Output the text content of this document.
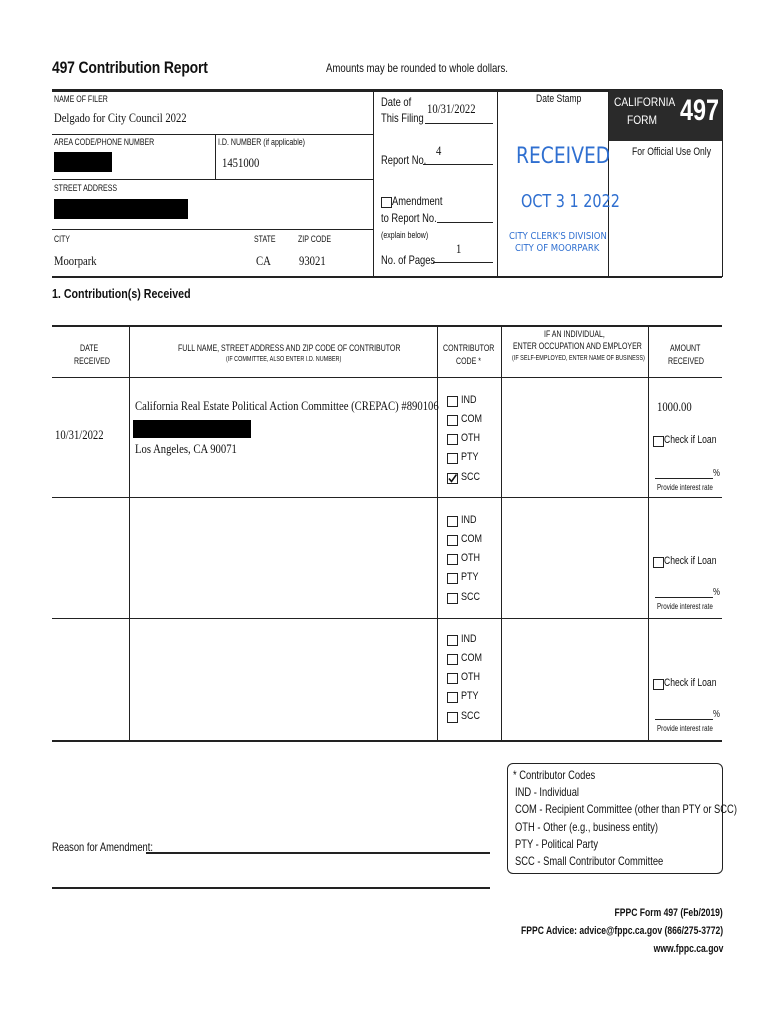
497 Contribution Report	Amounts may be rounded to whole dollars.
NAME OF FILER
Delgado for City Council 2022
AREA CODE/PHONE NUMBER	I.D. NUMBER (if applicable)
1451000
STREET ADDRESS
CITY
Moorpark
STATE
CA
ZIP CODE
93021
Date of
This Filing
10/31/2022
Report No.
4
Amendment
to Report No.
(explain below)
No. of Pages
1
Date Stamp
RECEIVED
OCT 3 1 2022
CITY CLERK'S DIVISION
CITY OF MOORPARK
CALIFORNIA
FORM 497
For Official Use Only
1. Contribution(s) Received
DATE
RECEIVED
FULL NAME, STREET ADDRESS AND ZIP CODE OF CONTRIBUTOR
(IF COMMITTEE, ALSO ENTER I.D. NUMBER)
CONTRIBUTOR
CODE *
IF AN INDIVIDUAL,
ENTER OCCUPATION AND EMPLOYER
(IF SELF-EMPLOYED, ENTER NAME OF BUSINESS)
AMOUNT
RECEIVED
10/31/2022
California Real Estate Political Action Committee (CREPAC) #890106
Los Angeles, CA 90071
1000.00
IND
COM
OTH
PTY
SCC
IND
COM
OTH
PTY
SCC
IND
COM
OTH
PTY
SCC
Check if Loan
%
Provide interest rate
Check if Loan
%
Provide interest rate
Check if Loan
%
Provide interest rate
* Contributor Codes
IND - Individual
COM - Recipient Committee (other than PTY or SCC)
OTH - Other (e.g., business entity)
PTY - Political Party
SCC - Small Contributor Committee
Reason for Amendment:
FPPC Form 497 (Feb/2019)
FPPC Advice: advice@fppc.ca.gov (866/275-3772)
www.fppc.ca.gov
